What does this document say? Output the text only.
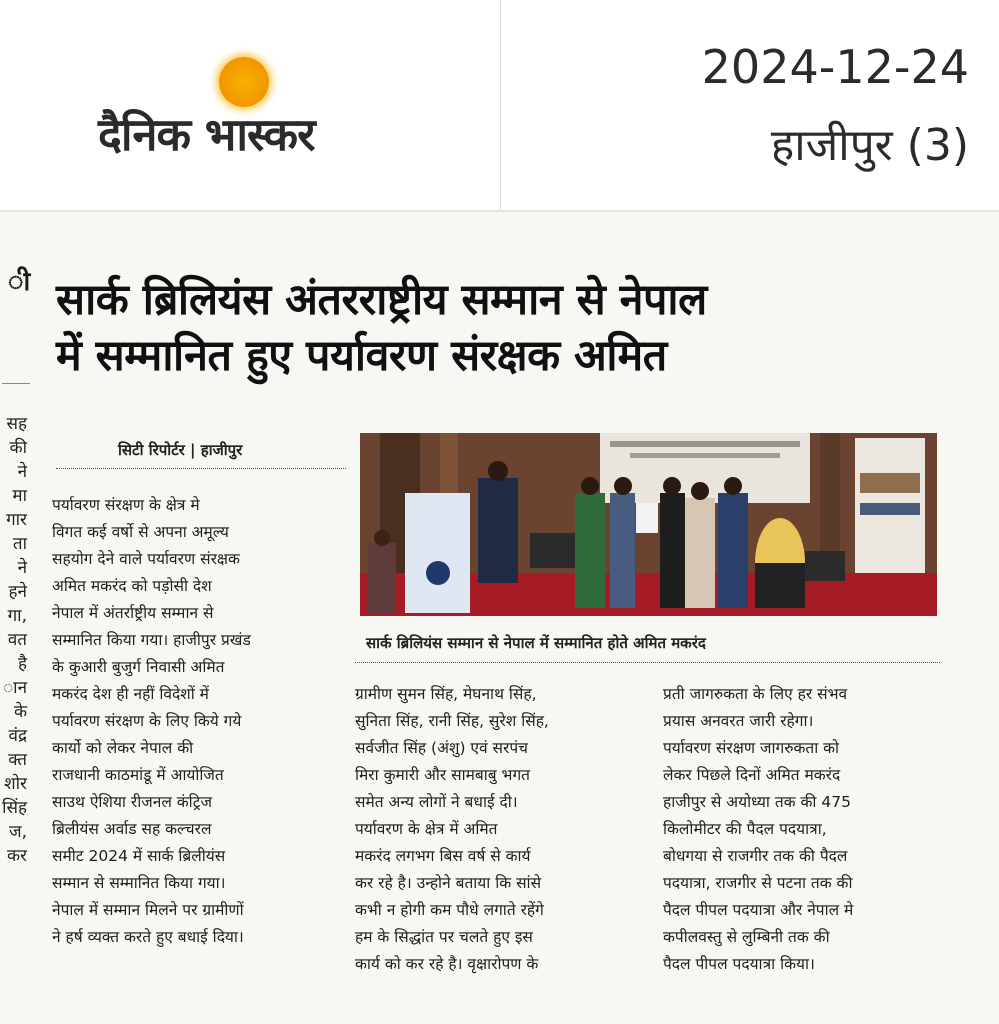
दैनिक भास्कर
2024-12-24
हाजीपुर (3)
ी
सह
की
ने
मा
गार
ता
ने
हने
गा,
वत
है
ान
के
वंद्र
क्त
शोर
सिंह
ज,
कर
सार्क ब्रिलियंस अंतरराष्ट्रीय सम्मान से नेपाल
में सम्मानित हुए पर्यावरण संरक्षक अमित
सिटी रिपोर्टर | हाजीपुर
सार्क ब्रिलियंस सम्मान से नेपाल में सम्मानित होते अमित मकरंद
पर्यावरण संरक्षण के क्षेत्र मे
विगत कई वर्षो से अपना अमूल्य
सहयोग देने वाले पर्यावरण संरक्षक
अमित मकरंद को पड़ोसी देश
नेपाल में अंतर्राष्ट्रीय सम्मान से
सम्मानित किया गया। हाजीपुर प्रखंड
के कुआरी बुजुर्ग निवासी अमित
मकरंद देश ही नहीं विदेशों में
पर्यावरण संरक्षण के लिए किये गये
कार्यो को लेकर नेपाल की
राजधानी काठमांडू में आयोजित
साउथ ऐशिया रीजनल कंट्रिज
ब्रिलीयंस अर्वाड सह कल्चरल
समीट 2024 में सार्क ब्रिलीयंस
सम्मान से सम्मानित किया गया।
नेपाल में सम्मान मिलने पर ग्रामीणों
ने हर्ष व्यक्त करते हुए बधाई दिया।
ग्रामीण सुमन सिंह, मेघनाथ सिंह,
सुनिता सिंह, रानी सिंह, सुरेश सिंह,
सर्वजीत सिंह (अंशु) एवं सरपंच
मिरा कुमारी और सामबाबु भगत
समेत अन्य लोगों ने बधाई दी।
पर्यावरण के क्षेत्र में अमित
मकरंद लगभग बिस वर्ष से कार्य
कर रहे है। उन्होने बताया कि सांसे
कभी न होगी कम पौधे लगाते रहेंगे
हम के सिद्धांत पर चलते हुए इस
कार्य को कर रहे है। वृक्षारोपण के
प्रती जागरुकता के लिए हर संभव
प्रयास अनवरत जारी रहेगा।
पर्यावरण संरक्षण जागरुकता को
लेकर पिछले दिनों अमित मकरंद
हाजीपुर से अयोध्या तक की 475
किलोमीटर की पैदल पदयात्रा,
बोधगया से राजगीर तक की पैदल
पदयात्रा, राजगीर से पटना तक की
पैदल पीपल पदयात्रा और नेपाल मे
कपीलवस्तु से लुम्बिनी तक की
पैदल पीपल पदयात्रा किया।
